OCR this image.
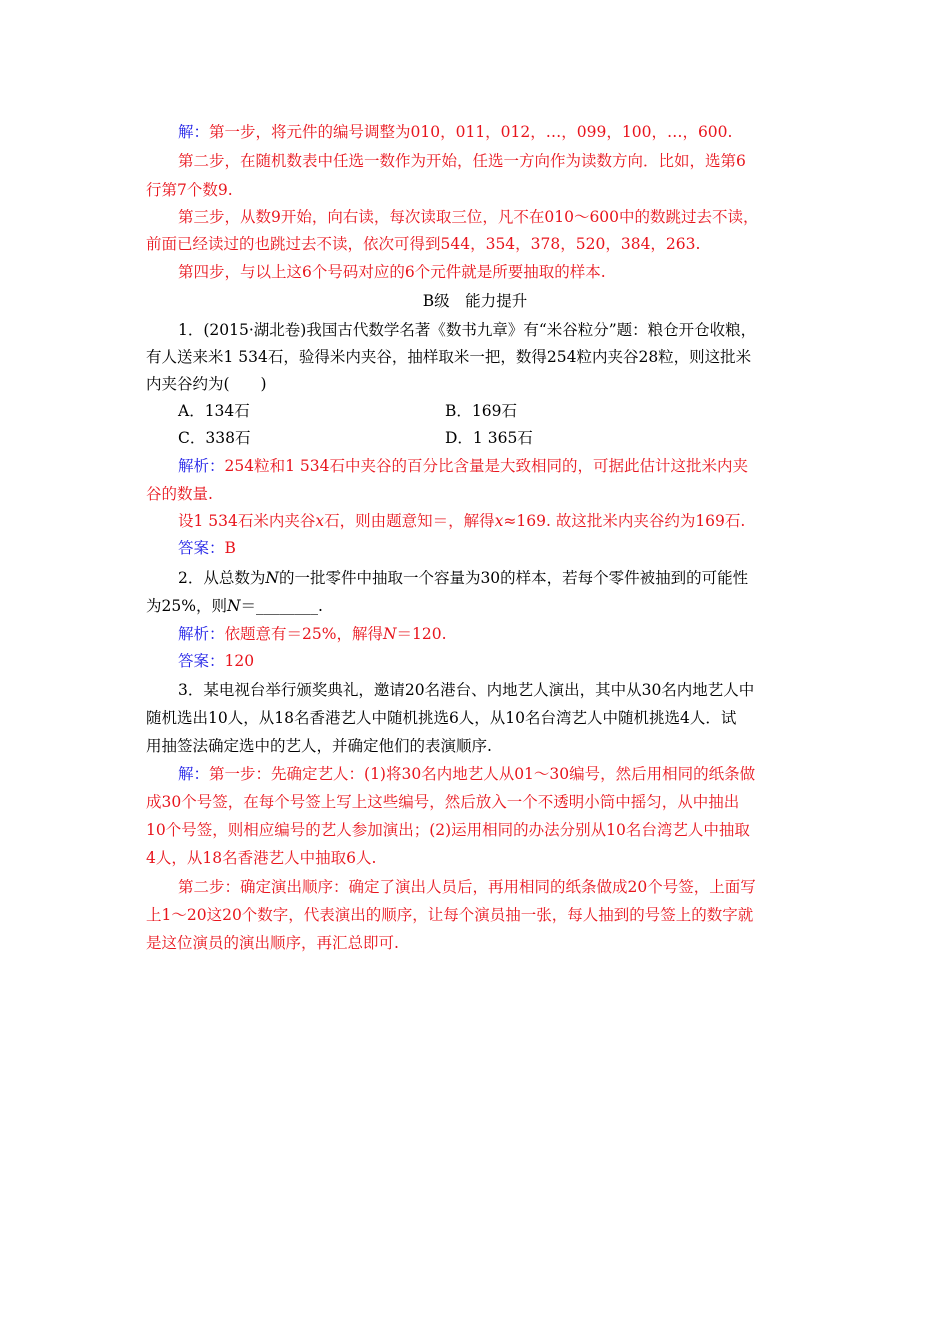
解：第一步，将元件的编号调整为010，011，012，…，099，100，…，600.
第二步，在随机数表中任选一数作为开始，任选一方向作为读数方向．比如，选第6
行第7个数9.
第三步，从数9开始，向右读，每次读取三位，凡不在010～600中的数跳过去不读，
前面已经读过的也跳过去不读，依次可得到544，354，378，520，384，263.
第四步，与以上这6个号码对应的6个元件就是所要抽取的样本.
B级　能力提升
1．(2015·湖北卷)我国古代数学名著《数书九章》有“米谷粒分”题：粮仓开仓收粮，
有人送来米1 534石，验得米内夹谷，抽样取米一把，数得254粒内夹谷28粒，则这批米
内夹谷约为(　　)
A．134石	B．169石
C．338石	D．1 365石
解析：254粒和1 534石中夹谷的百分比含量是大致相同的，可据此估计这批米内夹
谷的数量.
设1 534石米内夹谷x石，则由题意知＝，解得x≈169. 故这批米内夹谷约为169石.
答案：B
2．从总数为N的一批零件中抽取一个容量为30的样本，若每个零件被抽到的可能性
为25%，则N＝________.
解析：依题意有＝25%，解得N＝120.
答案：120
3．某电视台举行颁奖典礼，邀请20名港台、内地艺人演出，其中从30名内地艺人中
随机选出10人，从18名香港艺人中随机挑选6人，从10名台湾艺人中随机挑选4人．试
用抽签法确定选中的艺人，并确定他们的表演顺序.
解：第一步：先确定艺人：(1)将30名内地艺人从01～30编号，然后用相同的纸条做
成30个号签，在每个号签上写上这些编号，然后放入一个不透明小筒中摇匀，从中抽出
10个号签，则相应编号的艺人参加演出；(2)运用相同的办法分别从10名台湾艺人中抽取
4人，从18名香港艺人中抽取6人.
第二步：确定演出顺序：确定了演出人员后，再用相同的纸条做成20个号签，上面写
上1～20这20个数字，代表演出的顺序，让每个演员抽一张，每人抽到的号签上的数字就
是这位演员的演出顺序，再汇总即可.
